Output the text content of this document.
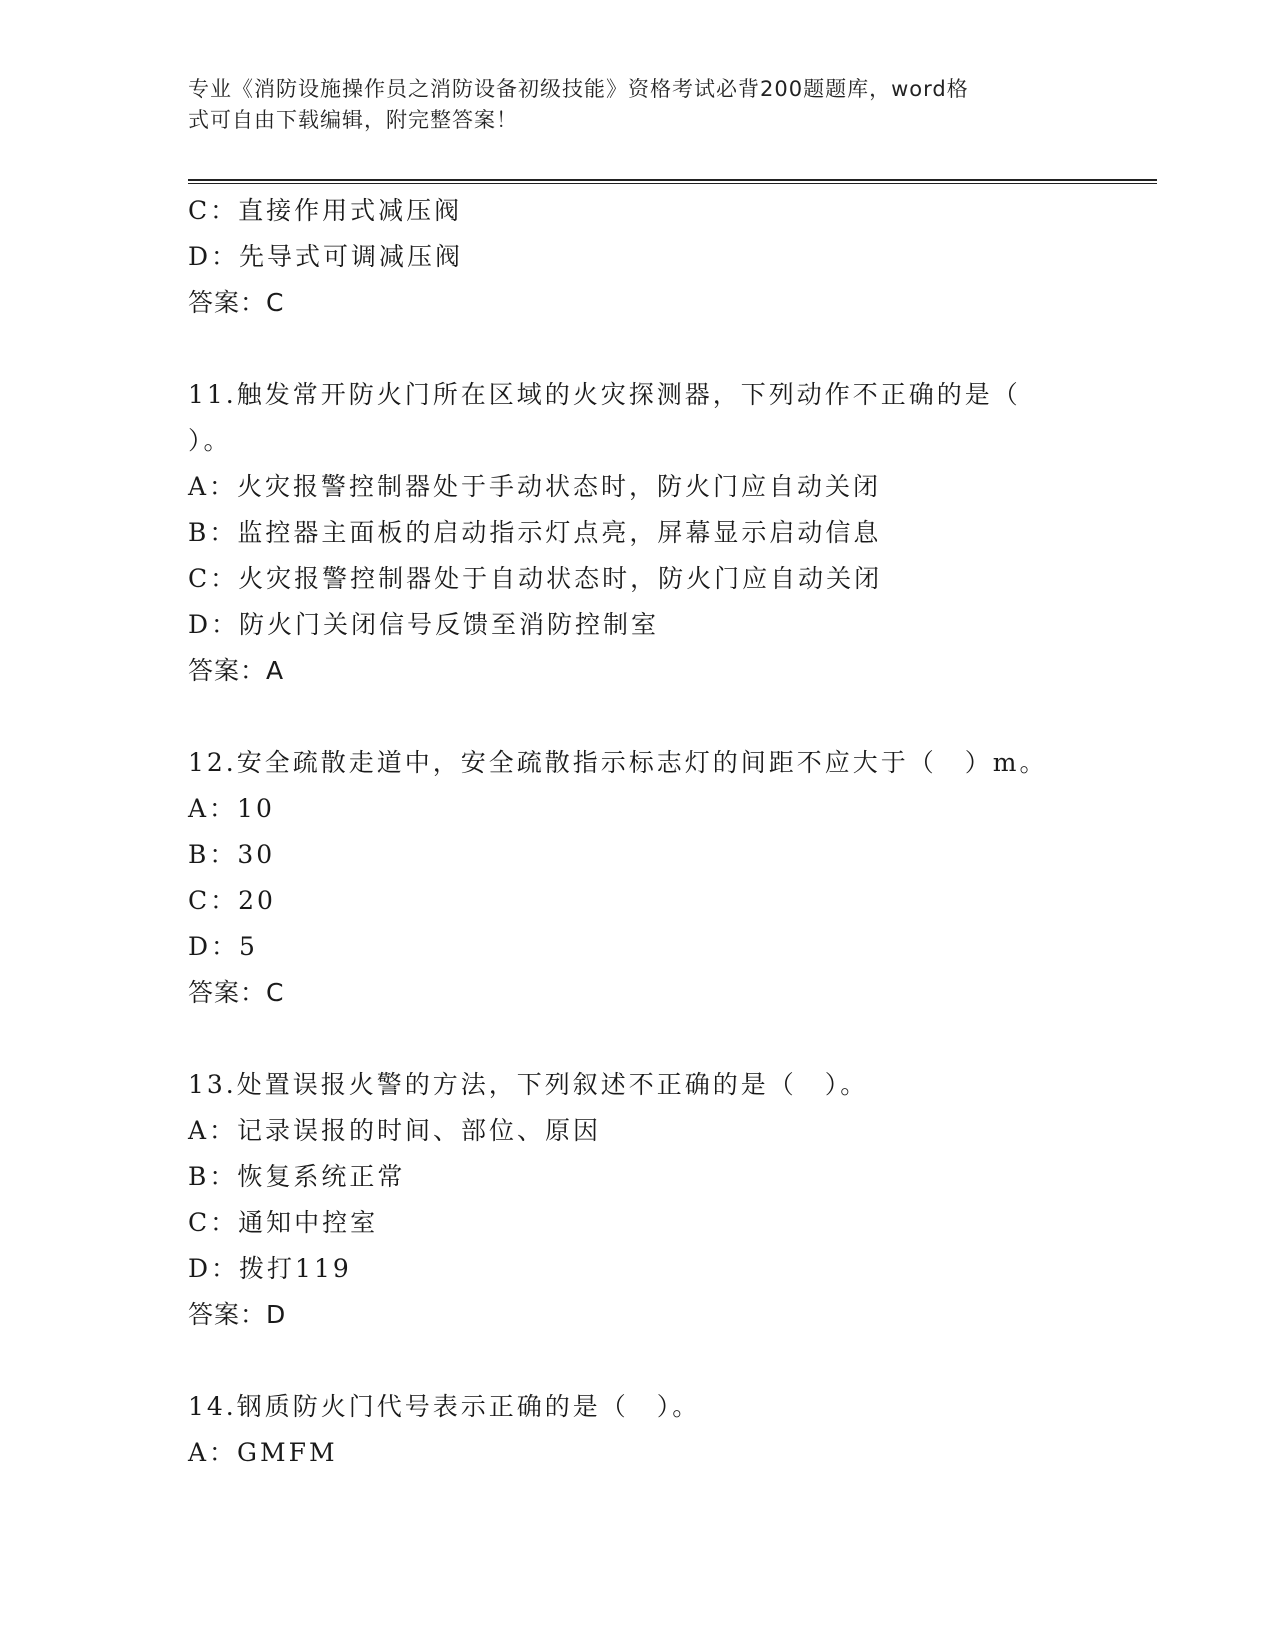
专业《消防设施操作员之消防设备初级技能》资格考试必背200题题库，word格
式可自由下载编辑，附完整答案！
C：直接作用式减压阀
D：先导式可调减压阀
答案：C
11.触发常开防火门所在区域的火灾探测器，下列动作不正确的是（
）。
A：火灾报警控制器处于手动状态时，防火门应自动关闭
B：监控器主面板的启动指示灯点亮，屏幕显示启动信息
C：火灾报警控制器处于自动状态时，防火门应自动关闭
D：防火门关闭信号反馈至消防控制室
答案：A
12.安全疏散走道中，安全疏散指示标志灯的间距不应大于（　）m。
A：10
B：30
C：20
D：5
答案：C
13.处置误报火警的方法，下列叙述不正确的是（　）。
A：记录误报的时间、部位、原因
B：恢复系统正常
C：通知中控室
D：拨打119
答案：D
14.钢质防火门代号表示正确的是（　）。
A：GMFM
